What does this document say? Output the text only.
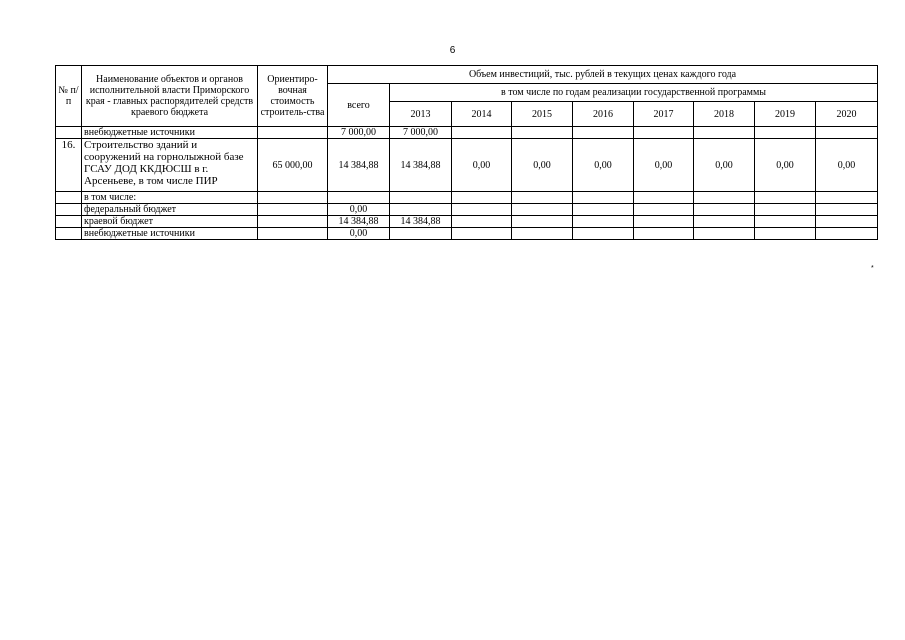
6
№ п/п	Наименование объектов и органов исполнительной власти Приморского края - главных распорядителей средств краевого бюджета	Ориентиро-вочная стоимость строитель-ства	Объем инвестиций, тыс. рублей в текущих ценах каждого года								
			всего	в том числе по годам реализации государственной программы							
				2013	2014	2015	2016	2017	2018	2019	2020
	внебюджетные источники		7 000,00	7 000,00							
16.	Строительство зданий и сооружений на горнолыжной базе ГСАУ ДОД ККДЮСШ в г. Арсеньеве, в том числе ПИР	65 000,00	14 384,88	14 384,88	0,00	0,00	0,00	0,00	0,00	0,00	0,00
	в том числе:										
	федеральный бюджет		0,00								
	краевой бюджет		14 384,88	14 384,88							
	внебюджетные источники		0,00								
*
